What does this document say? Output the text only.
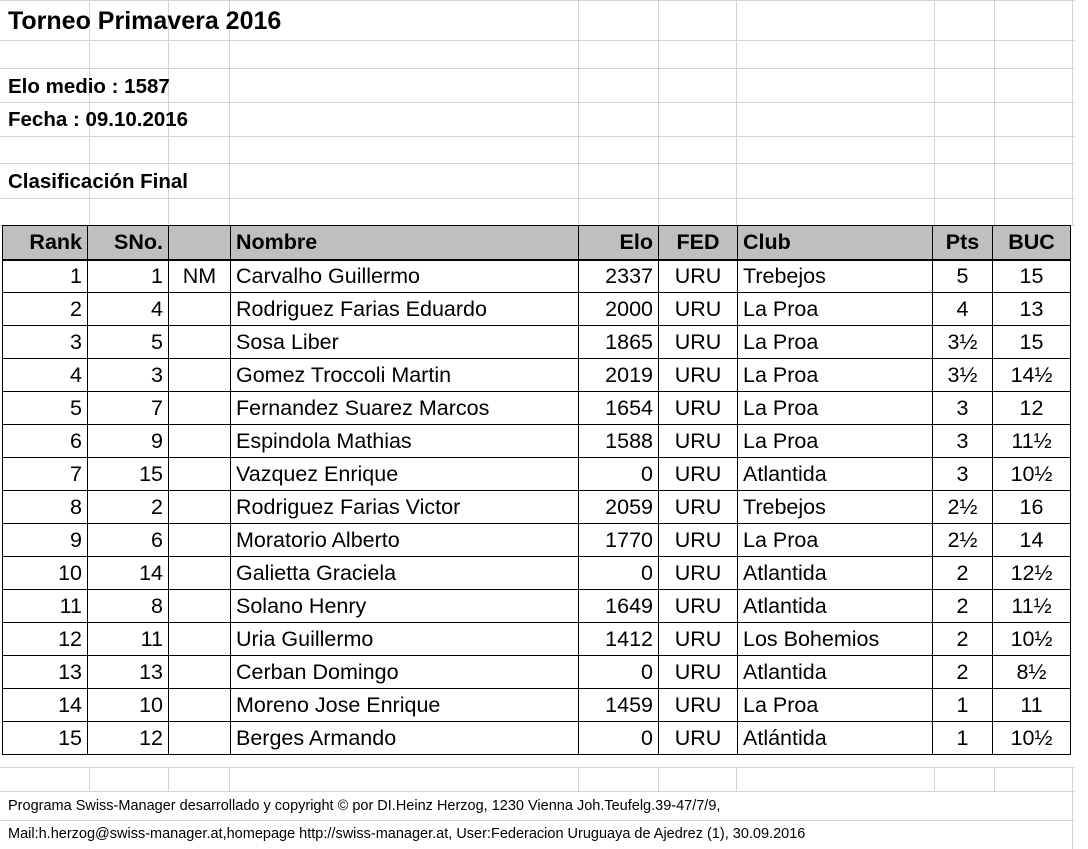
Torneo Primavera 2016
Elo medio : 1587
Fecha : 09.10.2016
Clasificación Final
Rank	SNo.		Nombre	Elo	FED	Club	Pts	BUC
1	1	NM	Carvalho Guillermo	2337	URU	Trebejos	5	15
2	4		Rodriguez Farias Eduardo	2000	URU	La Proa	4	13
3	5		Sosa Liber	1865	URU	La Proa	3½	15
4	3		Gomez Troccoli Martin	2019	URU	La Proa	3½	14½
5	7		Fernandez Suarez Marcos	1654	URU	La Proa	3	12
6	9		Espindola Mathias	1588	URU	La Proa	3	11½
7	15		Vazquez Enrique	0	URU	Atlantida	3	10½
8	2		Rodriguez Farias Victor	2059	URU	Trebejos	2½	16
9	6		Moratorio Alberto	1770	URU	La Proa	2½	14
10	14		Galietta Graciela	0	URU	Atlantida	2	12½
11	8		Solano Henry	1649	URU	Atlantida	2	11½
12	11		Uria Guillermo	1412	URU	Los Bohemios	2	10½
13	13		Cerban Domingo	0	URU	Atlantida	2	8½
14	10		Moreno Jose Enrique	1459	URU	La Proa	1	11
15	12		Berges Armando	0	URU	Atlántida	1	10½
Programa Swiss-Manager desarrollado y copyright © por DI.Heinz Herzog, 1230 Vienna Joh.Teufelg.39-47/7/9,
Mail:h.herzog@swiss-manager.at,homepage http://swiss-manager.at, User:Federacion Uruguaya de Ajedrez (1), 30.09.2016
